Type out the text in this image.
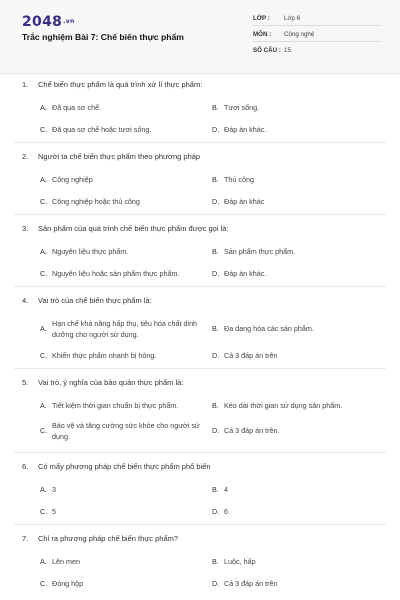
$2048^{.vn}$
Trắc nghiệm Bài 7: Chế biến thực phẩm
LỚP : Lớp 6
MÔN : Công nghệ
SỐ CÂU : 15
1. Chế biến thực phẩm là quá trình xử lí thực phẩm:
A. Đã qua sơ chế.	B. Tươi sống.
C. Đã qua sơ chế hoặc tươi sống.	D. Đáp án khác.
2. Người ta chế biến thực phẩm theo phương pháp
A. Công nghiệp	B. Thủ công
C. Công nghiệp hoặc thủ công	D. Đáp án khác
3. Sản phẩm của quá trình chế biến thực phẩm được gọi là:
A. Nguyên liệu thực phẩm.	B. Sản phẩm thực phẩm.
C. Nguyên liệu hoặc sản phẩm thực phẩm.	D. Đáp án khác.
4. Vai trò của chế biến thực phẩm là:
A.
Hạn chế khả năng hấp thụ, tiêu hóa chất dinh dưỡng cho người sử dụng.
B. Đa dạng hóa các sản phẩm.
C. Khiến thực phẩm nhanh bị hỏng.	D. Cả 3 đáp án trên
5. Vai trò, ý nghĩa của bảo quản thực phẩm là:
A. Tiết kiệm thời gian chuẩn bị thực phẩm.	B. Kéo dài thời gian sử dụng sản phẩm.
C.
Bảo vệ và tăng cường sức khỏe cho người sử dụng.
D. Cả 3 đáp án trên.
6. Có mấy phương pháp chế biến thực phẩm phổ biến
A. 3	B. 4
C. 5	D. 6
7. Chỉ ra phương pháp chế biến thực phẩm?
A. Lên men	B. Luộc, hấp
C. Đóng hộp	D. Cả 3 đáp án trên
